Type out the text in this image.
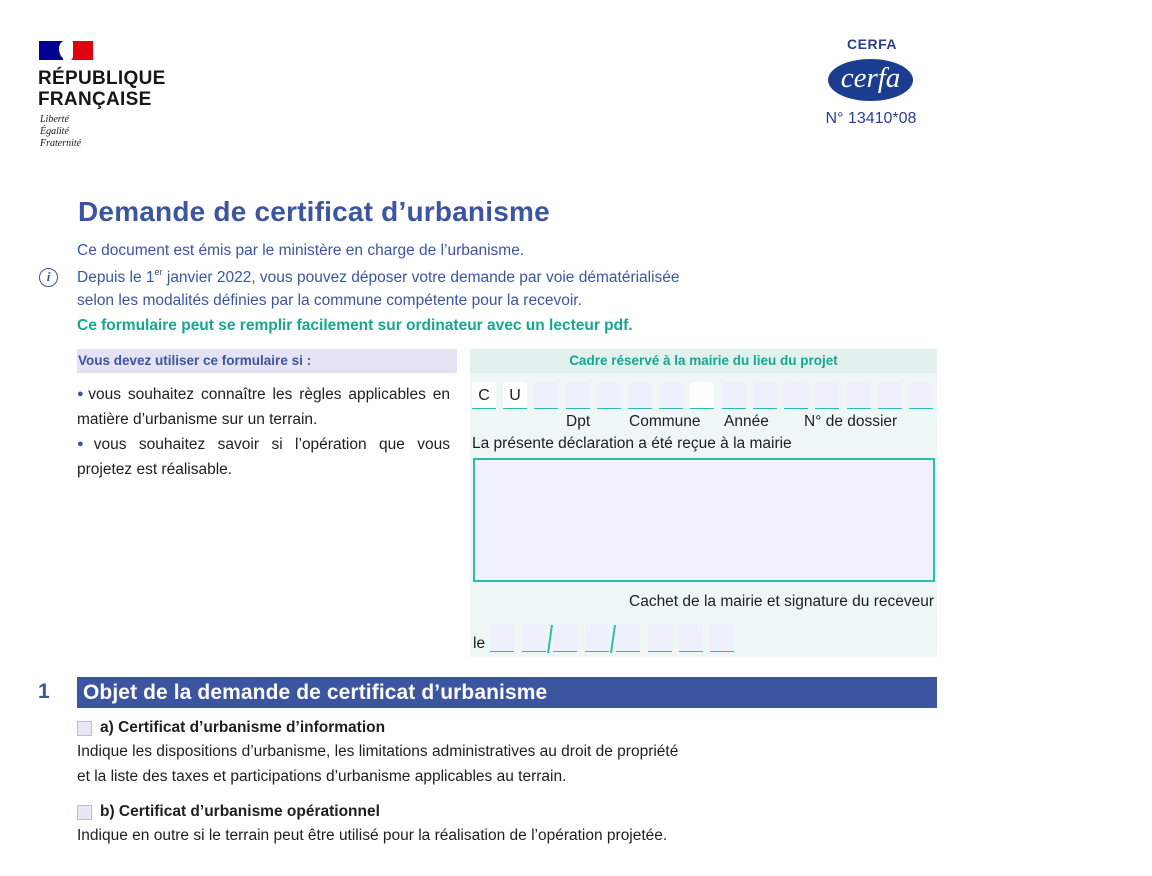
RÉPUBLIQUE
FRANÇAISE
Liberté
Égalité
Fraternité
CERFA
cerfa
N° 13410*08
Demande de certificat d’urbanisme
i
Ce document est émis par le ministère en charge de l’urbanisme.
Depuis le 1er janvier 2022, vous pouvez déposer votre demande par voie dématérialisée
selon les modalités définies par la commune compétente pour la recevoir.
Ce formulaire peut se remplir facilement sur ordinateur avec un lecteur pdf.
Vous devez utiliser ce formulaire si :

● vous souhaitez connaître les règles applicables en matière d’urbanisme sur un terrain.

● vous souhaitez savoir si l’opération que vous projetez est réalisable.

Cadre réservé à la mairie du lieu du projet
C	U
Dpt	Commune Année N° de dossier
La présente déclaration a été reçue à la mairie
Cachet de la mairie et signature du receveur
le
1 Objet de la demande de certificat d’urbanisme
a) Certificat d’urbanisme d’information
Indique les dispositions d’urbanisme, les limitations administratives au droit de propriété
et la liste des taxes et participations d’urbanisme applicables au terrain.
b) Certificat d’urbanisme opérationnel
Indique en outre si le terrain peut être utilisé pour la réalisation de l’opération projetée.
